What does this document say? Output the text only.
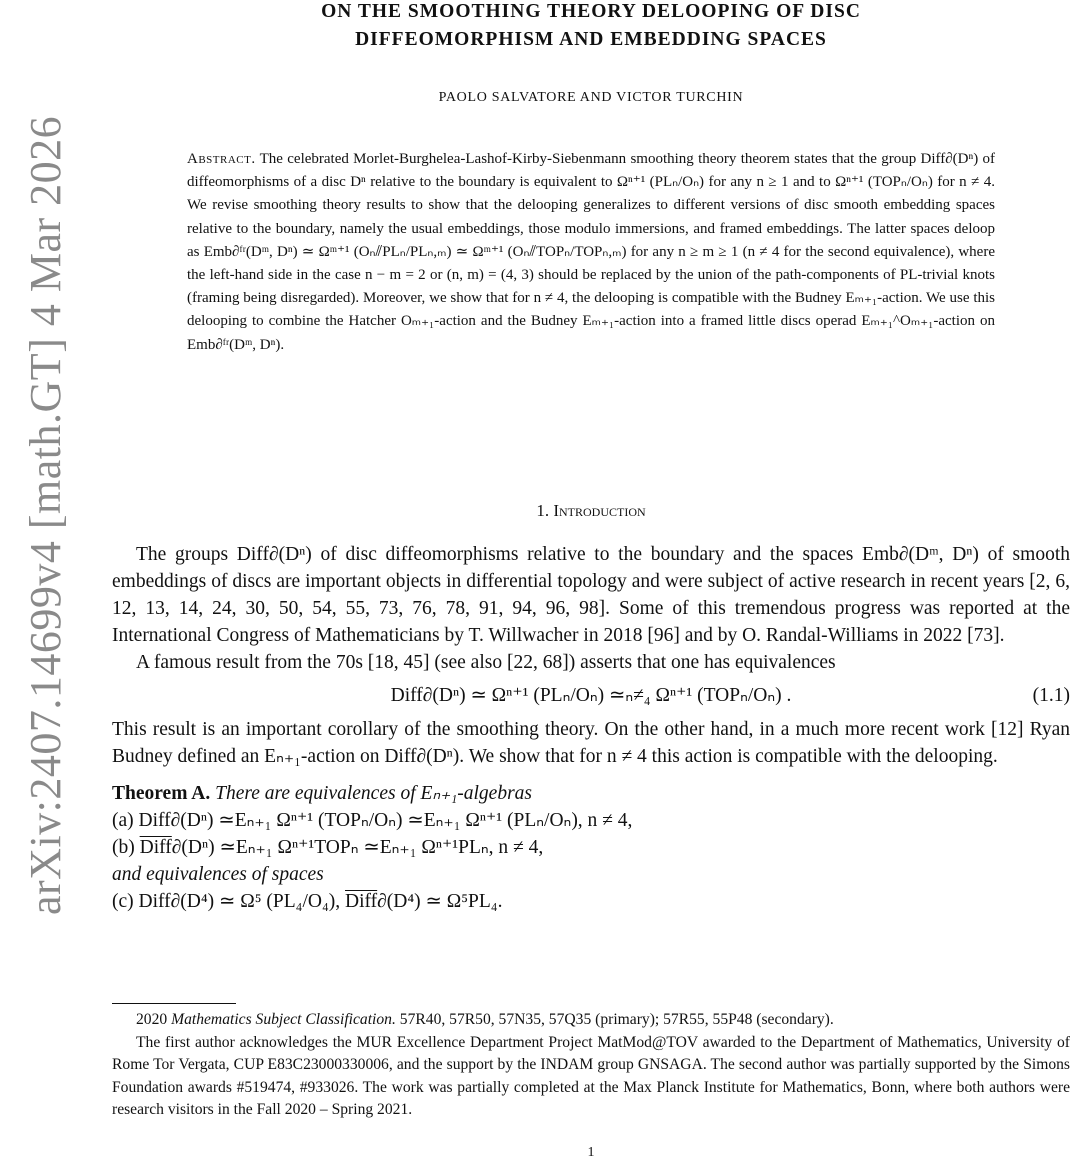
arXiv:2407.14699v4 [math.GT] 4 Mar 2026
ON THE SMOOTHING THEORY DELOOPING OF DISC
DIFFEOMORPHISM AND EMBEDDING SPACES
PAOLO SALVATORE AND VICTOR TURCHIN
Abstract. The celebrated Morlet-Burghelea-Lashof-Kirby-Siebenmann smoothing theory theorem states that the group Diff∂(Dⁿ) of diffeomorphisms of a disc Dⁿ relative to the boundary is equivalent to Ωⁿ⁺¹ (PLₙ/Oₙ) for any n ≥ 1 and to Ωⁿ⁺¹ (TOPₙ/Oₙ) for n ≠ 4. We revise smoothing theory results to show that the delooping generalizes to different versions of disc smooth embedding spaces relative to the boundary, namely the usual embeddings, those modulo immersions, and framed embeddings. The latter spaces deloop as Emb∂ᶠʳ(Dᵐ, Dⁿ) ≃ Ωᵐ⁺¹ (Oₙ⫽PLₙ/PLₙ,ₘ) ≃ Ωᵐ⁺¹ (Oₙ⫽TOPₙ/TOPₙ,ₘ) for any n ≥ m ≥ 1 (n ≠ 4 for the second equivalence), where the left-hand side in the case n − m = 2 or (n, m) = (4, 3) should be replaced by the union of the path-components of PL-trivial knots (framing being disregarded). Moreover, we show that for n ≠ 4, the delooping is compatible with the Budney Eₘ₊₁-action. We use this delooping to combine the Hatcher Oₘ₊₁-action and the Budney Eₘ₊₁-action into a framed little discs operad Eₘ₊₁^Oₘ₊₁-action on Emb∂ᶠʳ(Dᵐ, Dⁿ).
1. Introduction

The groups Diff∂(Dⁿ) of disc diffeomorphisms relative to the boundary and the spaces Emb∂(Dᵐ, Dⁿ) of smooth embeddings of discs are important objects in differential topology and were subject of active research in recent years [2, 6, 12, 13, 14, 24, 30, 50, 54, 55, 73, 76, 78, 91, 94, 96, 98]. Some of this tremendous progress was reported at the International Congress of Mathematicians by T. Willwacher in 2018 [96] and by O. Randal-Williams in 2022 [73].

A famous result from the 70s [18, 45] (see also [22, 68]) asserts that one has equivalences

Diff∂(Dⁿ) ≃ Ωⁿ⁺¹ (PLₙ/Oₙ) ≃ₙ≠₄ Ωⁿ⁺¹ (TOPₙ/Oₙ) .	(1.1)

This result is an important corollary of the smoothing theory. On the other hand, in a much more recent work [12] Ryan Budney defined an Eₙ₊₁-action on Diff∂(Dⁿ). We show that for n ≠ 4 this action is compatible with the delooping.

Theorem A. There are equivalences of Eₙ₊₁-algebras
(a) Diff∂(Dⁿ) ≃Eₙ₊₁ Ωⁿ⁺¹ (TOPₙ/Oₙ) ≃Eₙ₊₁ Ωⁿ⁺¹ (PLₙ/Oₙ), n ≠ 4,
(b) Diff∂(Dⁿ) ≃Eₙ₊₁ Ωⁿ⁺¹TOPₙ ≃Eₙ₊₁ Ωⁿ⁺¹PLₙ, n ≠ 4,
and equivalences of spaces
(c) Diff∂(D⁴) ≃ Ω⁵ (PL₄/O₄), Diff∂(D⁴) ≃ Ω⁵PL₄.

2020 Mathematics Subject Classification. 57R40, 57R50, 57N35, 57Q35 (primary); 57R55, 55P48 (secondary).

The first author acknowledges the MUR Excellence Department Project MatMod@TOV awarded to the Department of Mathematics, University of Rome Tor Vergata, CUP E83C23000330006, and the support by the INDAM group GNSAGA. The second author was partially supported by the Simons Foundation awards #519474, #933026. The work was partially completed at the Max Planck Institute for Mathematics, Bonn, where both authors were research visitors in the Fall 2020 – Spring 2021.

1
